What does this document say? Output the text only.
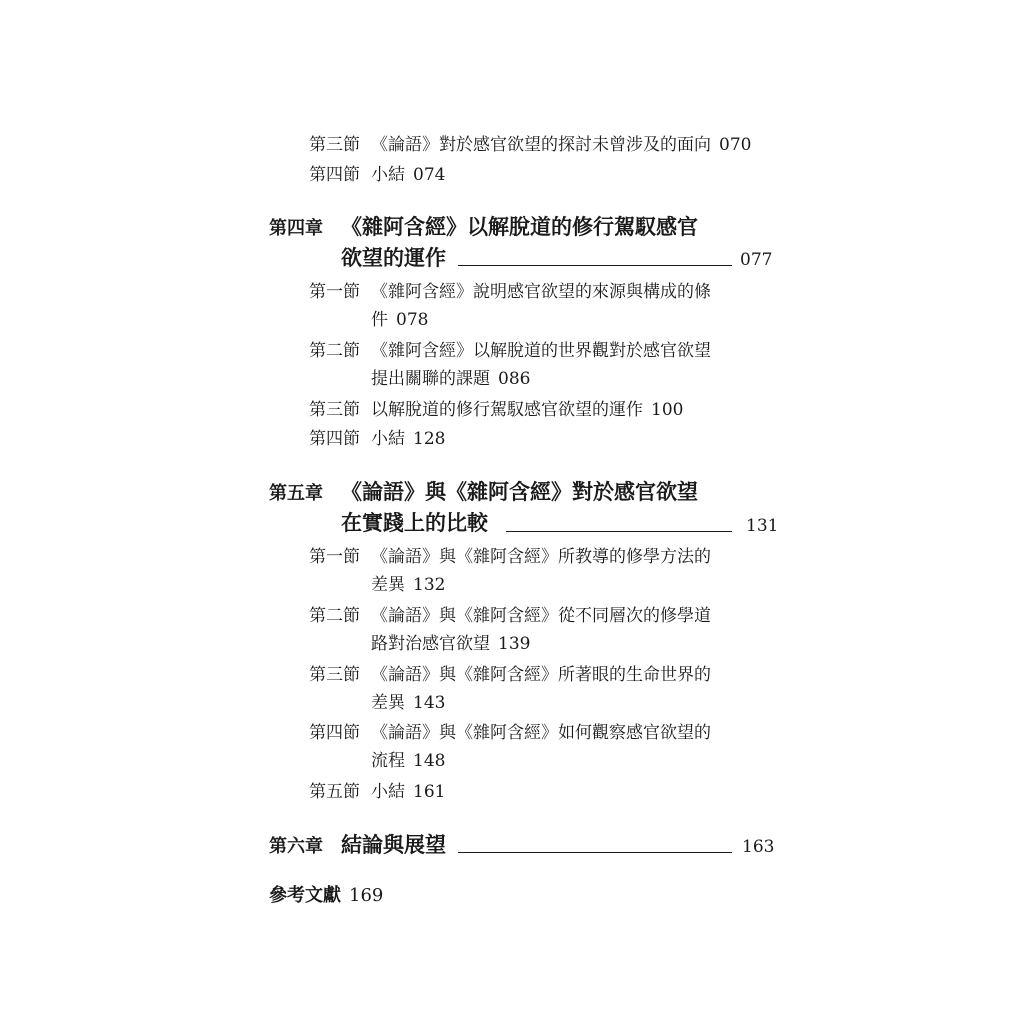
第三節 《論語》對於感官欲望的探討未曾涉及的面向 070
第四節 小結 074
第四章 《雜阿含經》以解脫道的修行駕馭感官
欲望的運作	077
第一節 《雜阿含經》說明感官欲望的來源與構成的條
件 078
第二節 《雜阿含經》以解脫道的世界觀對於感官欲望
提出關聯的課題 086
第三節 以解脫道的修行駕馭感官欲望的運作 100
第四節 小結 128
第五章 《論語》與《雜阿含經》對於感官欲望
在實踐上的比較	131
第一節 《論語》與《雜阿含經》所教導的修學方法的
差異 132
第二節 《論語》與《雜阿含經》從不同層次的修學道
路對治感官欲望 139
第三節 《論語》與《雜阿含經》所著眼的生命世界的
差異 143
第四節 《論語》與《雜阿含經》如何觀察感官欲望的
流程 148
第五節 小結 161
第六章 結論與展望	163
參考文獻 169
